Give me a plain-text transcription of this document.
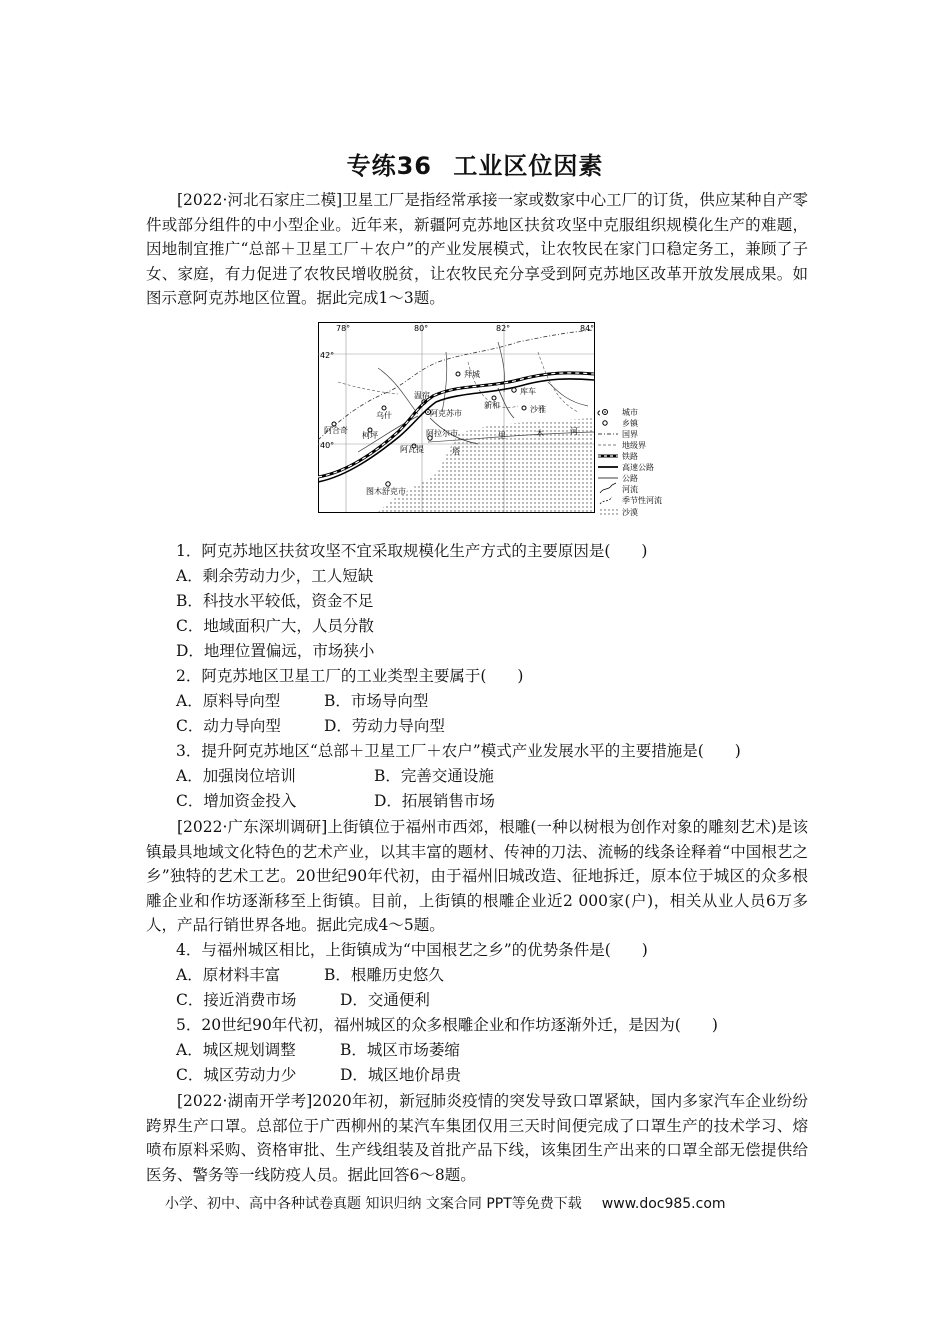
专练36 工业区位因素
[2022·河北石家庄二模]卫星工厂是指经常承接一家或数家中心工厂的订货，供应某种自产零件或部分组件的中小型企业。近年来，新疆阿克苏地区扶贫攻坚中克服组织规模化生产的难题，因地制宜推广“总部＋卫星工厂＋农户”的产业发展模式，让农牧民在家门口稳定务工，兼顾了子女、家庭，有力促进了农牧民增收脱贫，让农牧民充分享受到阿克苏地区改革开放发展成果。如图示意阿克苏地区位置。据此完成1～3题。
78°	80°	82°	84°
42°
40°
拜城
温宿
阿克苏市
新和
库车
沙雅
乌什
柯坪
阿合奇	阿拉尔市
阿瓦提
图木舒克市
塔
里	木	河
城市
乡镇
国界
地级界
铁路
高速公路
公路
河流
季节性河流
沙漠
1．阿克苏地区扶贫攻坚不宜采取规模化生产方式的主要原因是(　　)
A．剩余劳动力少，工人短缺
B．科技水平较低，资金不足
C．地域面积广大，人员分散
D．地理位置偏远，市场狭小
2．阿克苏地区卫星工厂的工业类型主要属于(　　)
A．原料导向型	B．市场导向型
C．动力导向型	D．劳动力导向型
3．提升阿克苏地区“总部＋卫星工厂＋农户”模式产业发展水平的主要措施是(　　)
A．加强岗位培训	B．完善交通设施
C．增加资金投入	D．拓展销售市场
[2022·广东深圳调研]上街镇位于福州市西郊，根雕(一种以树根为创作对象的雕刻艺术)是该镇最具地域文化特色的艺术产业，以其丰富的题材、传神的刀法、流畅的线条诠释着“中国根艺之乡”独特的艺术工艺。20世纪90年代初，由于福州旧城改造、征地拆迁，原本位于城区的众多根雕企业和作坊逐渐移至上街镇。目前，上街镇的根雕企业近2 000家(户)，相关从业人员6万多人，产品行销世界各地。据此完成4～5题。
4．与福州城区相比，上街镇成为“中国根艺之乡”的优势条件是(　　)
A．原材料丰富	B．根雕历史悠久
C．接近消费市场	D．交通便利
5．20世纪90年代初，福州城区的众多根雕企业和作坊逐渐外迁，是因为(　　)
A．城区规划调整	B．城区市场萎缩
C．城区劳动力少	D．城区地价昂贵
[2022·湖南开学考]2020年初，新冠肺炎疫情的突发导致口罩紧缺，国内多家汽车企业纷纷跨界生产口罩。总部位于广西柳州的某汽车集团仅用三天时间便完成了口罩生产的技术学习、熔喷布原料采购、资格审批、生产线组装及首批产品下线，该集团生产出来的口罩全部无偿提供给医务、警务等一线防疫人员。据此回答6～8题。
小学、初中、高中各种试卷真题 知识归纳 文案合同 PPT等免费下载 www.doc985.com
